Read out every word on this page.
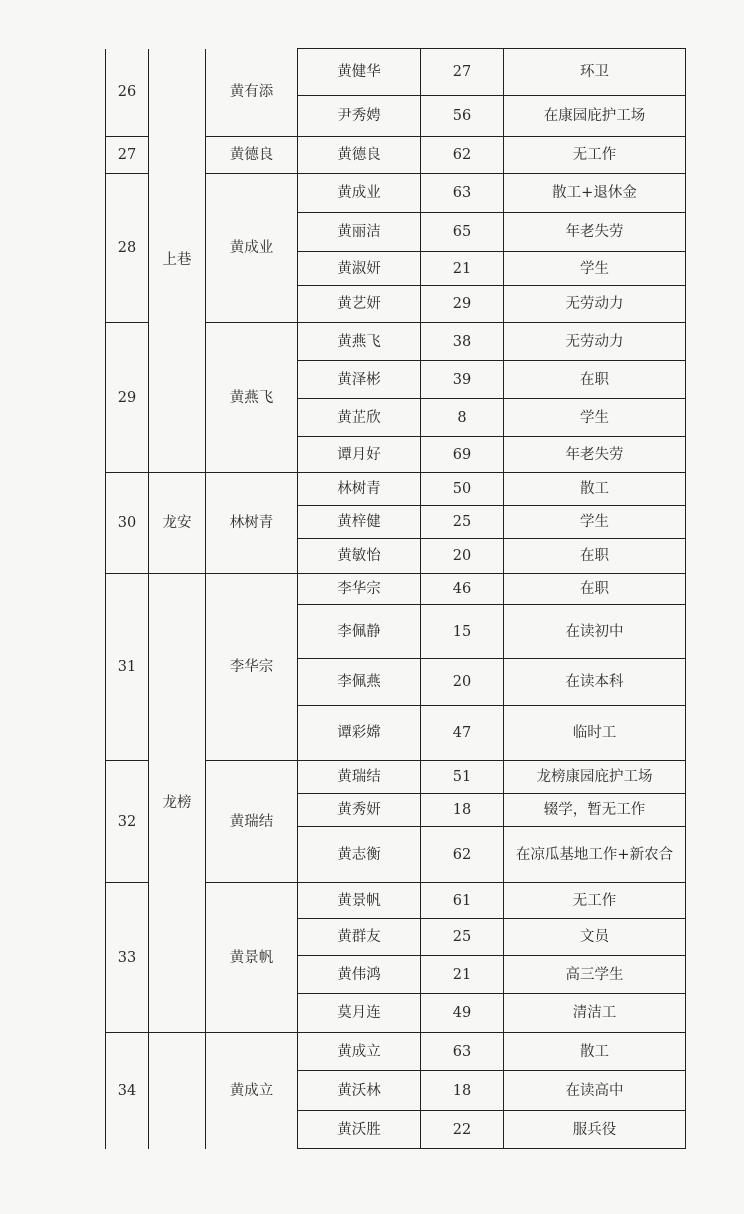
26	上巷	黄有添	黄健华	27	环卫
			尹秀娉	56	在康园庇护工场
27		黄德良	黄德良	62	无工作
28		黄成业	黄成业	63	散工+退休金
			黄丽洁	65	年老失劳
			黄淑妍	21	学生
			黄艺妍	29	无劳动力
29		黄燕飞	黄燕飞	38	无劳动力
			黄泽彬	39	在职
			黄芷欣	8	学生
			谭月好	69	年老失劳
30	龙安	林树青	林树青	50	散工
			黄梓健	25	学生
			黄敏怡	20	在职
31	龙榜	李华宗	李华宗	46	在职
			李佩静	15	在读初中
			李佩燕	20	在读本科
			谭彩嫦	47	临时工
32		黄瑞结	黄瑞结	51	龙榜康园庇护工场
			黄秀妍	18	辍学，暂无工作
			黄志衡	62	在凉瓜基地工作+新农合
33		黄景帆	黄景帆	61	无工作
			黄群友	25	文员
			黄伟鸿	21	高三学生
			莫月连	49	清洁工
34		黄成立	黄成立	63	散工
			黄沃林	18	在读高中
			黄沃胜	22	服兵役
